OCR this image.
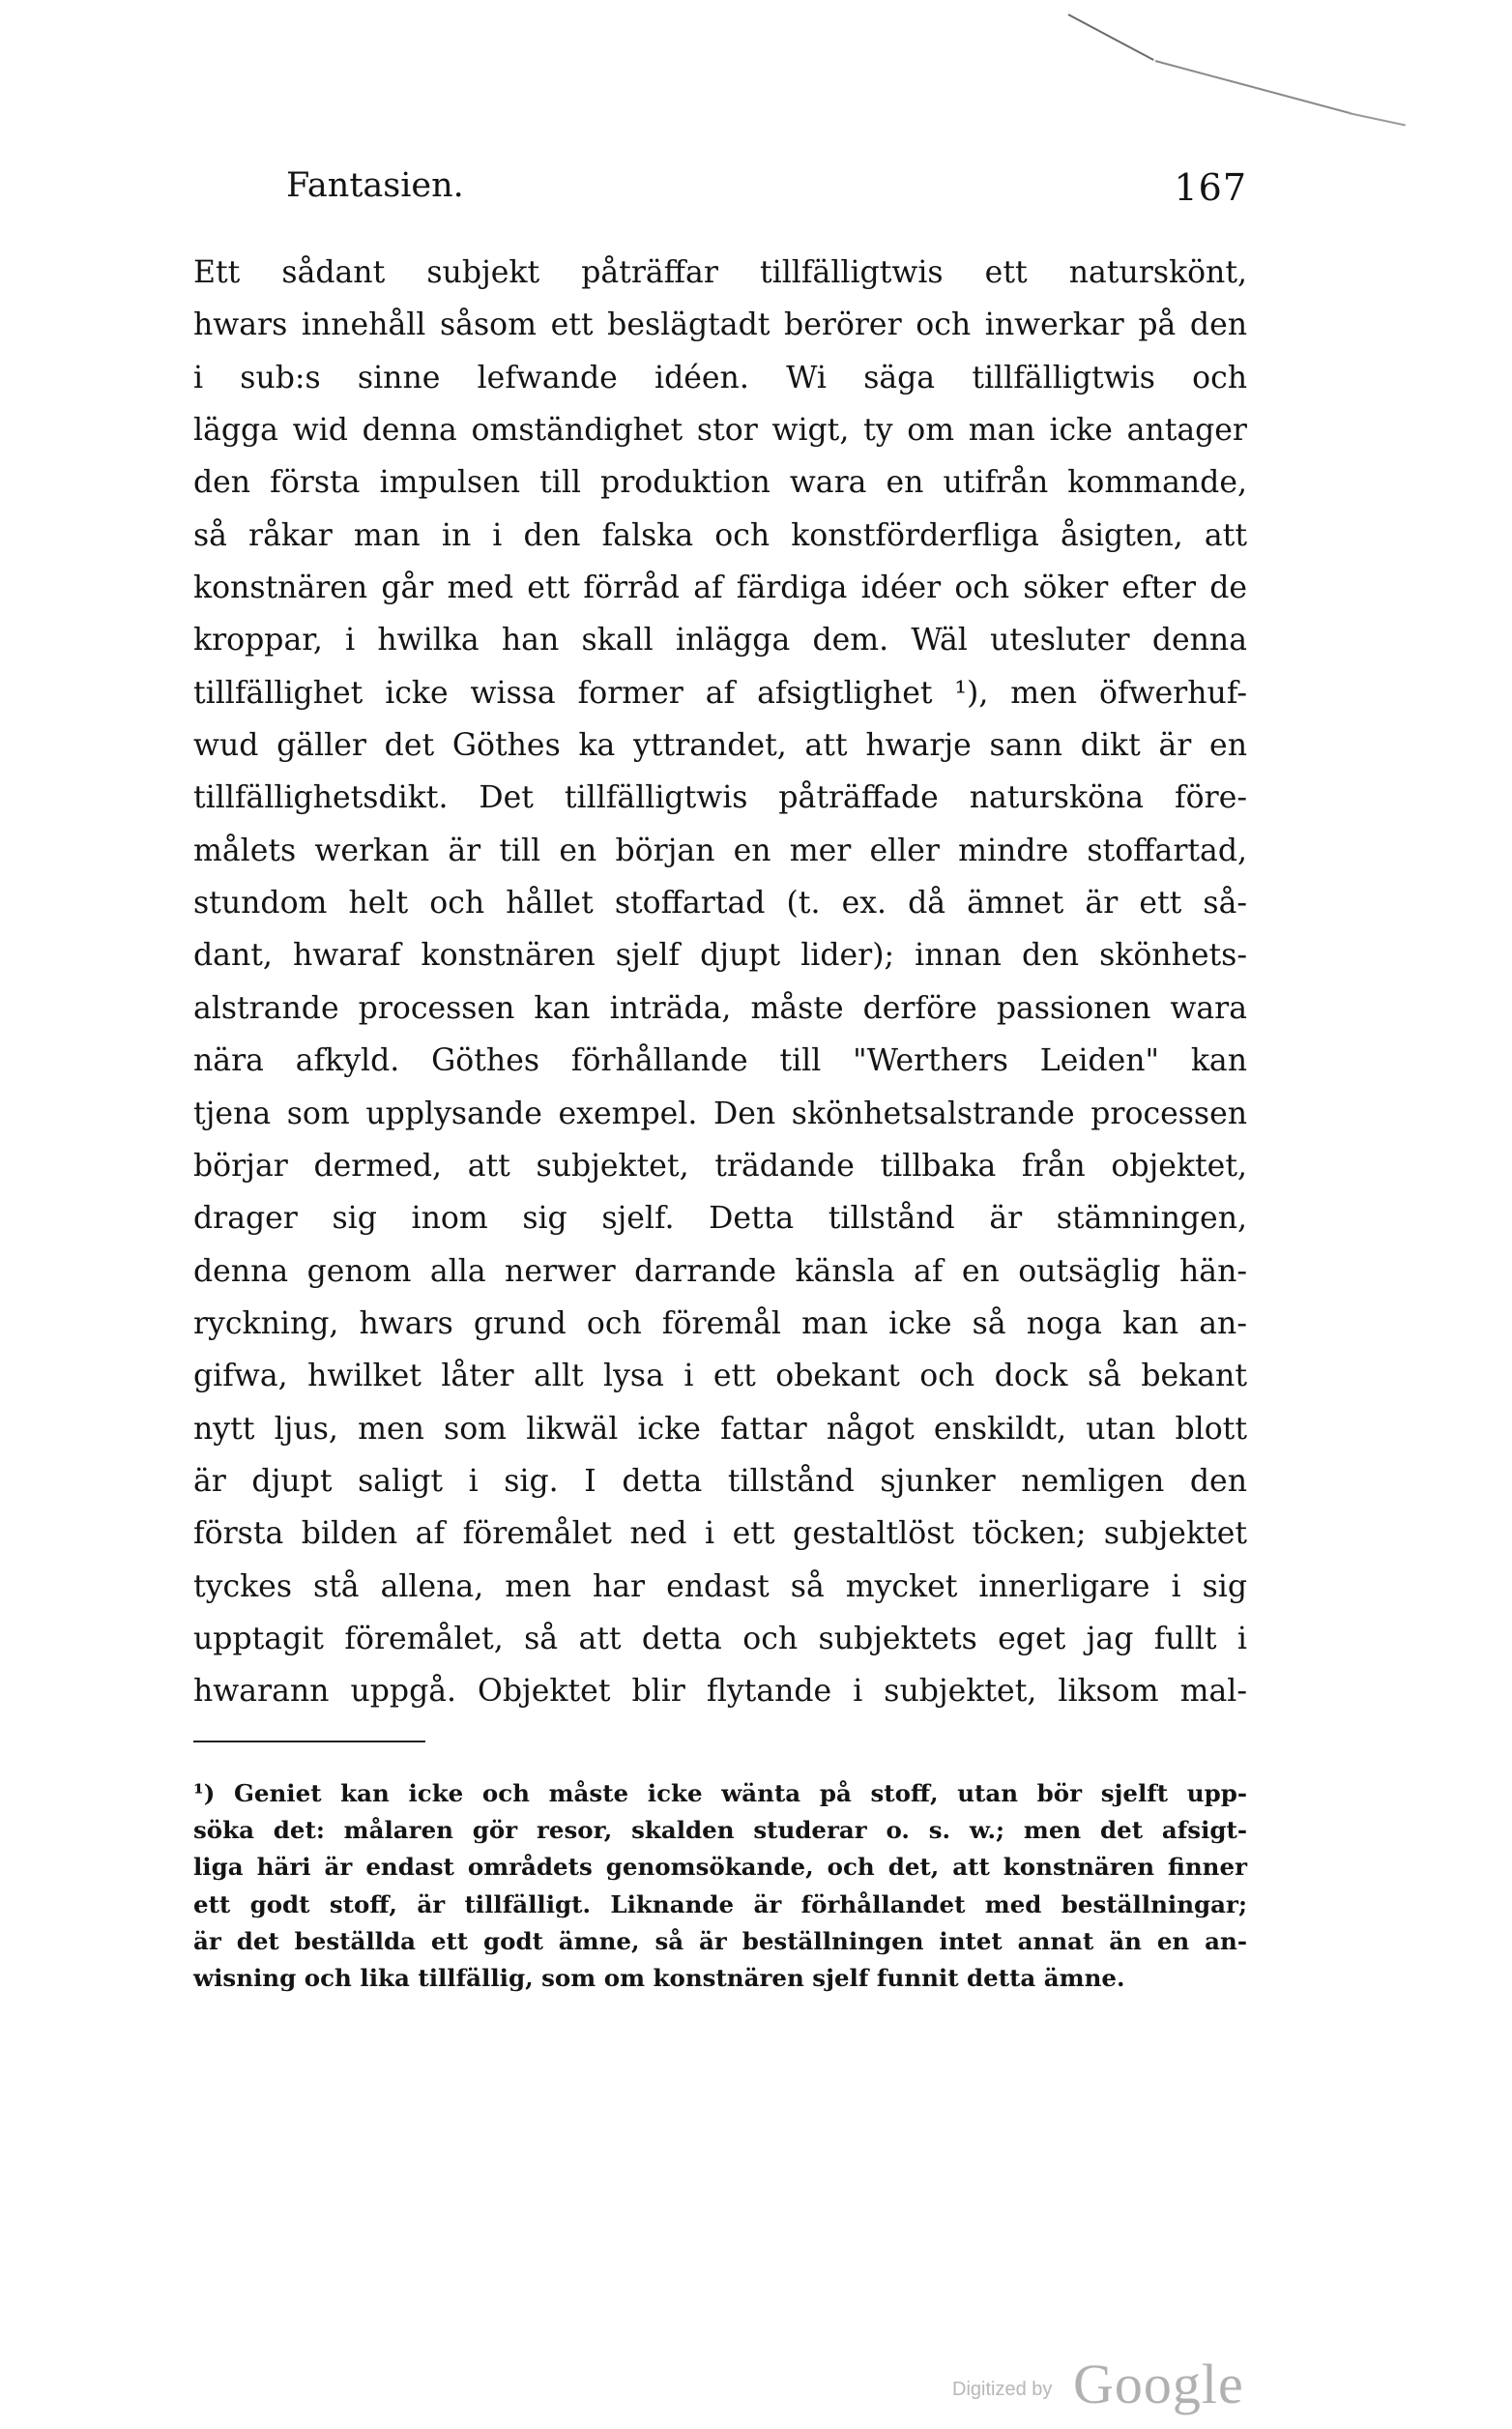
Fantasien.	167
Ett sådant subjekt påträffar tillfälligtwis ett naturskönt,
hwars innehåll såsom ett beslägtadt berörer och inwerkar på den
i sub:s sinne lefwande idéen. Wi säga tillfälligtwis och
lägga wid denna omständighet stor wigt, ty om man icke antager
den första impulsen till produktion wara en utifrån kommande,
så råkar man in i den falska och konstförderfliga åsigten, att
konstnären går med ett förråd af färdiga idéer och söker efter de
kroppar, i hwilka han skall inlägga dem. Wäl utesluter denna
tillfällighet icke wissa former af afsigtlighet ¹), men öfwerhuf-
wud gäller det Göthes ka yttrandet, att hwarje sann dikt är en
tillfällighetsdikt. Det tillfälligtwis påträffade natursköna före-
målets werkan är till en början en mer eller mindre stoffartad,
stundom helt och hållet stoffartad (t. ex. då ämnet är ett så-
dant, hwaraf konstnären sjelf djupt lider); innan den skönhets-
alstrande processen kan inträda, måste derföre passionen wara
nära afkyld. Göthes förhållande till "Werthers Leiden" kan
tjena som upplysande exempel. Den skönhetsalstrande processen
börjar dermed, att subjektet, trädande tillbaka från objektet,
drager sig inom sig sjelf. Detta tillstånd är stämningen,
denna genom alla nerwer darrande känsla af en outsäglig hän-
ryckning, hwars grund och föremål man icke så noga kan an-
gifwa, hwilket låter allt lysa i ett obekant och dock så bekant
nytt ljus, men som likwäl icke fattar något enskildt, utan blott
är djupt saligt i sig. I detta tillstånd sjunker nemligen den
första bilden af föremålet ned i ett gestaltlöst töcken; subjektet
tyckes stå allena, men har endast så mycket innerligare i sig
upptagit föremålet, så att detta och subjektets eget jag fullt i
hwarann uppgå. Objektet blir flytande i subjektet, liksom mal-
¹) Geniet kan icke och måste icke wänta på stoff, utan bör sjelft upp-
söka det: målaren gör resor, skalden studerar o. s. w.; men det afsigt-
liga häri är endast områdets genomsökande, och det, att konstnären finner
ett godt stoff, är tillfälligt. Liknande är förhållandet med beställningar;
är det beställda ett godt ämne, så är beställningen intet annat än en an-
wisning och lika tillfällig, som om konstnären sjelf funnit detta ämne.
Digitized by Google
